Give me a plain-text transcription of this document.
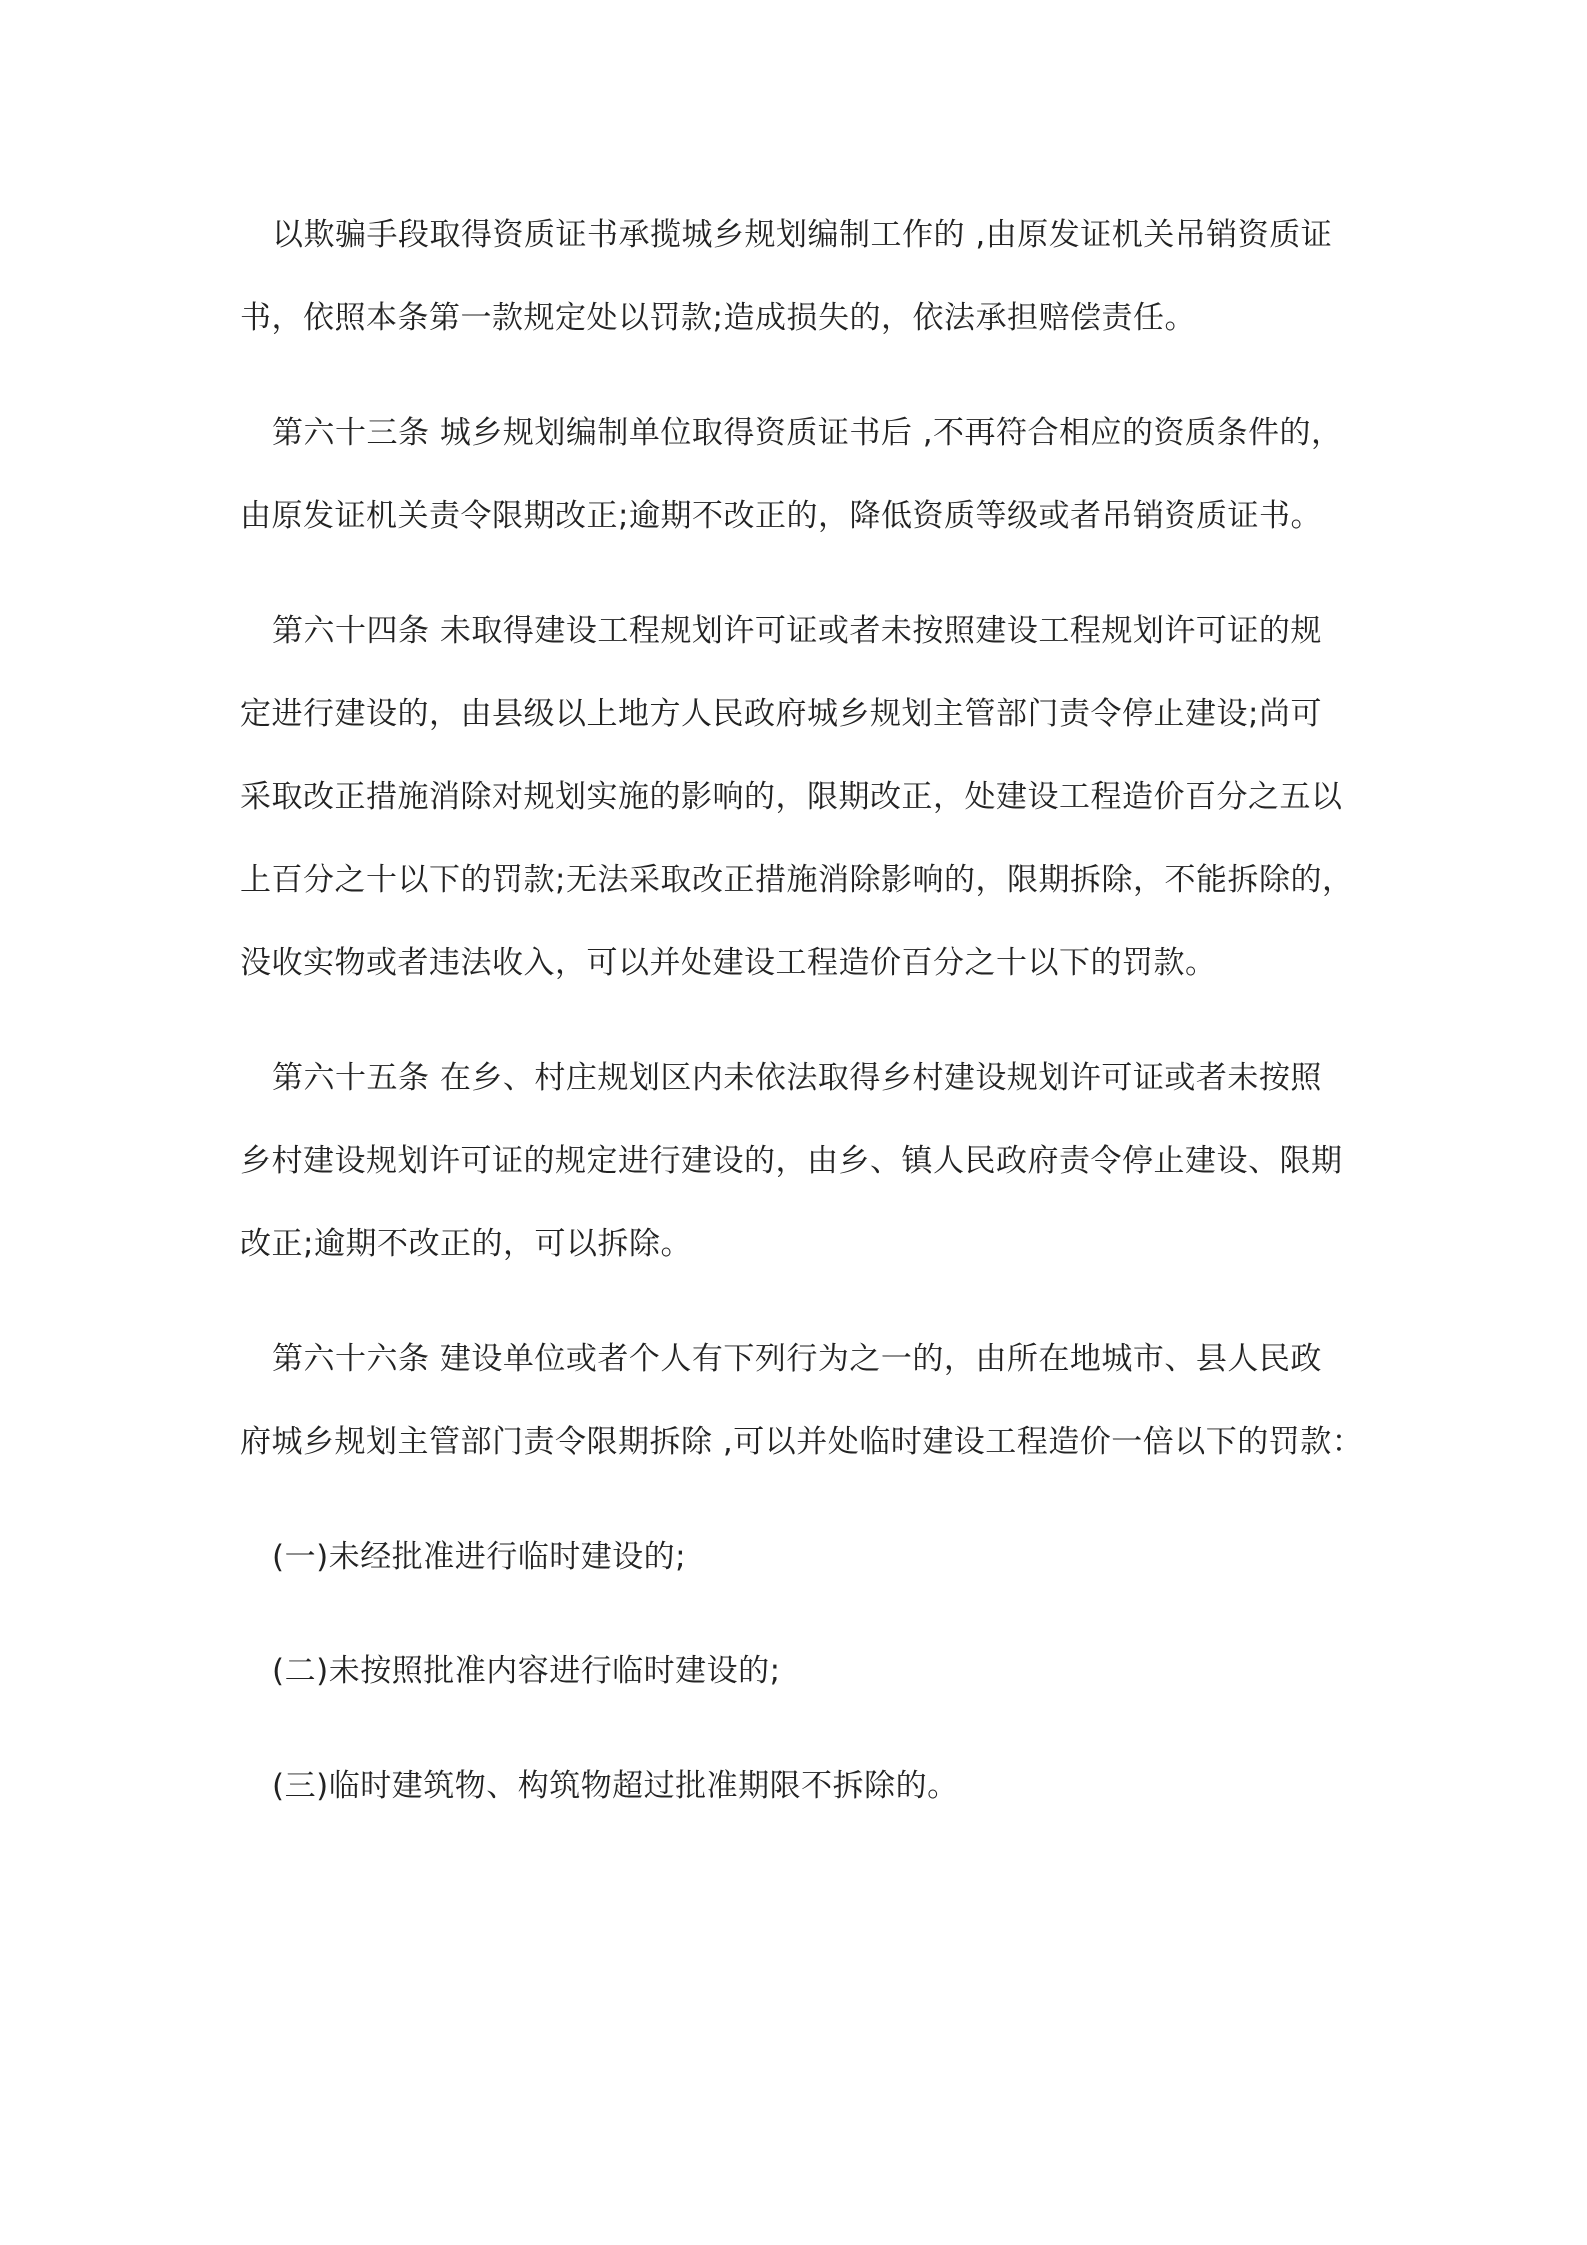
以欺骗手段取得资质证书承揽城乡规划编制工作的 ,由原发证机关吊销资质证
书，依照本条第一款规定处以罚款;造成损失的，依法承担赔偿责任。
第六十三条 城乡规划编制单位取得资质证书后 ,不再符合相应的资质条件的，
由原发证机关责令限期改正;逾期不改正的，降低资质等级或者吊销资质证书。
第六十四条 未取得建设工程规划许可证或者未按照建设工程规划许可证的规
定进行建设的，由县级以上地方人民政府城乡规划主管部门责令停止建设;尚可
采取改正措施消除对规划实施的影响的，限期改正，处建设工程造价百分之五以
上百分之十以下的罚款;无法采取改正措施消除影响的，限期拆除，不能拆除的，
没收实物或者违法收入，可以并处建设工程造价百分之十以下的罚款。
第六十五条 在乡、村庄规划区内未依法取得乡村建设规划许可证或者未按照
乡村建设规划许可证的规定进行建设的，由乡、镇人民政府责令停止建设、限期
改正;逾期不改正的，可以拆除。
第六十六条 建设单位或者个人有下列行为之一的，由所在地城市、县人民政
府城乡规划主管部门责令限期拆除 ,可以并处临时建设工程造价一倍以下的罚款：
(一)未经批准进行临时建设的;
(二)未按照批准内容进行临时建设的;
(三)临时建筑物、构筑物超过批准期限不拆除的。
